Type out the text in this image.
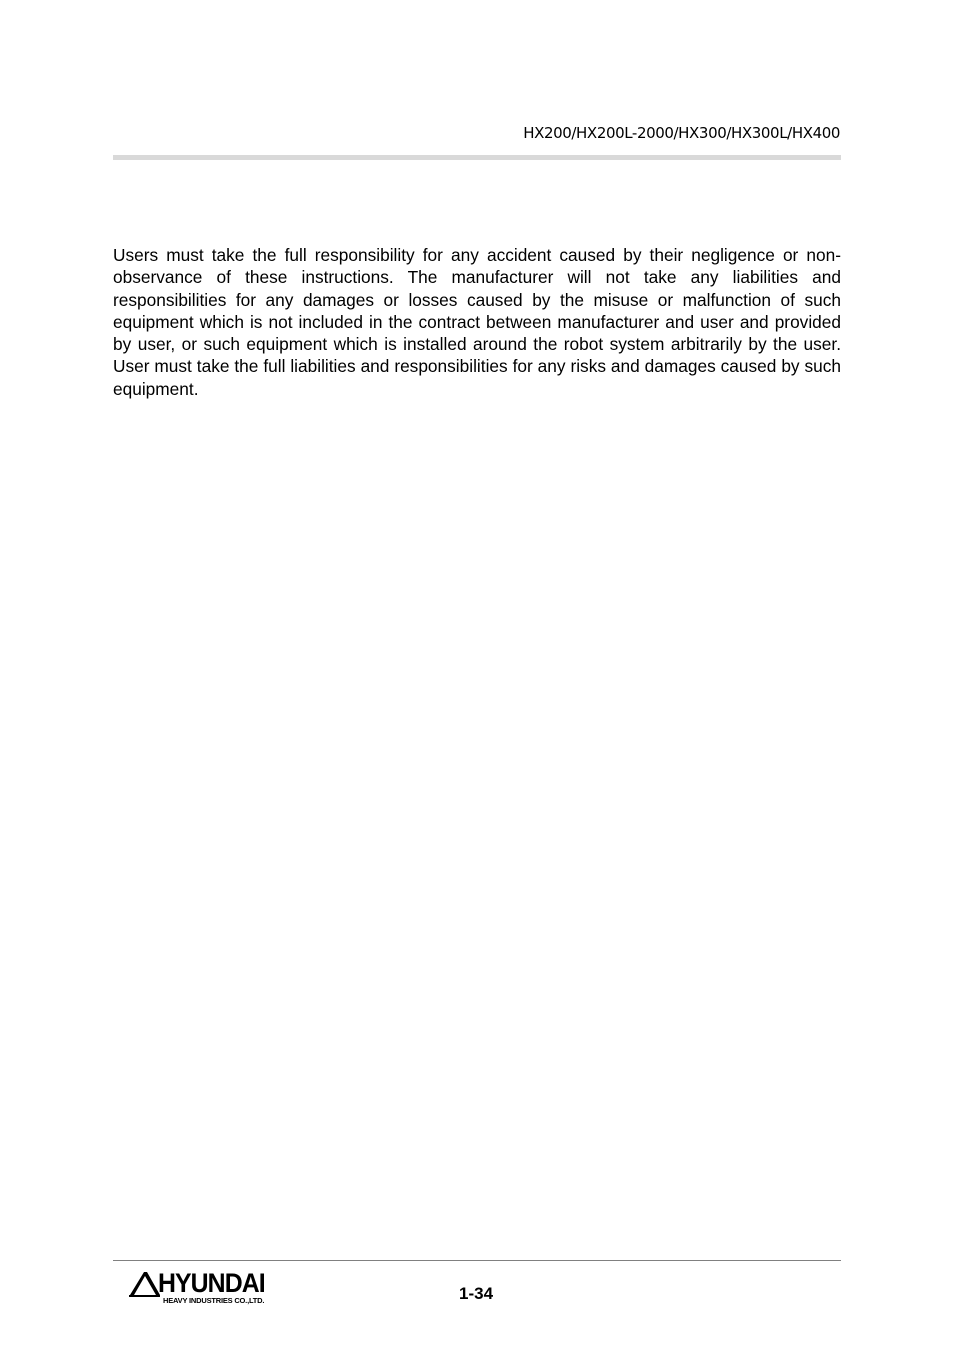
HX200/HX200L-2000/HX300/HX300L/HX400

Users must take the full responsibility for any accident caused by their negligence or non-observance of these instructions. The manufacturer will not take any liabilities and responsibilities for any damages or losses caused by the misuse or malfunction of such equipment which is not included in the contract between manufacturer and user and provided by user, or such equipment which is installed around the robot system arbitrarily by the user. User must take the full liabilities and responsibilities for any risks and damages caused by such equipment.

HYUNDAI
HEAVY INDUSTRIES CO.,LTD.	1-34
